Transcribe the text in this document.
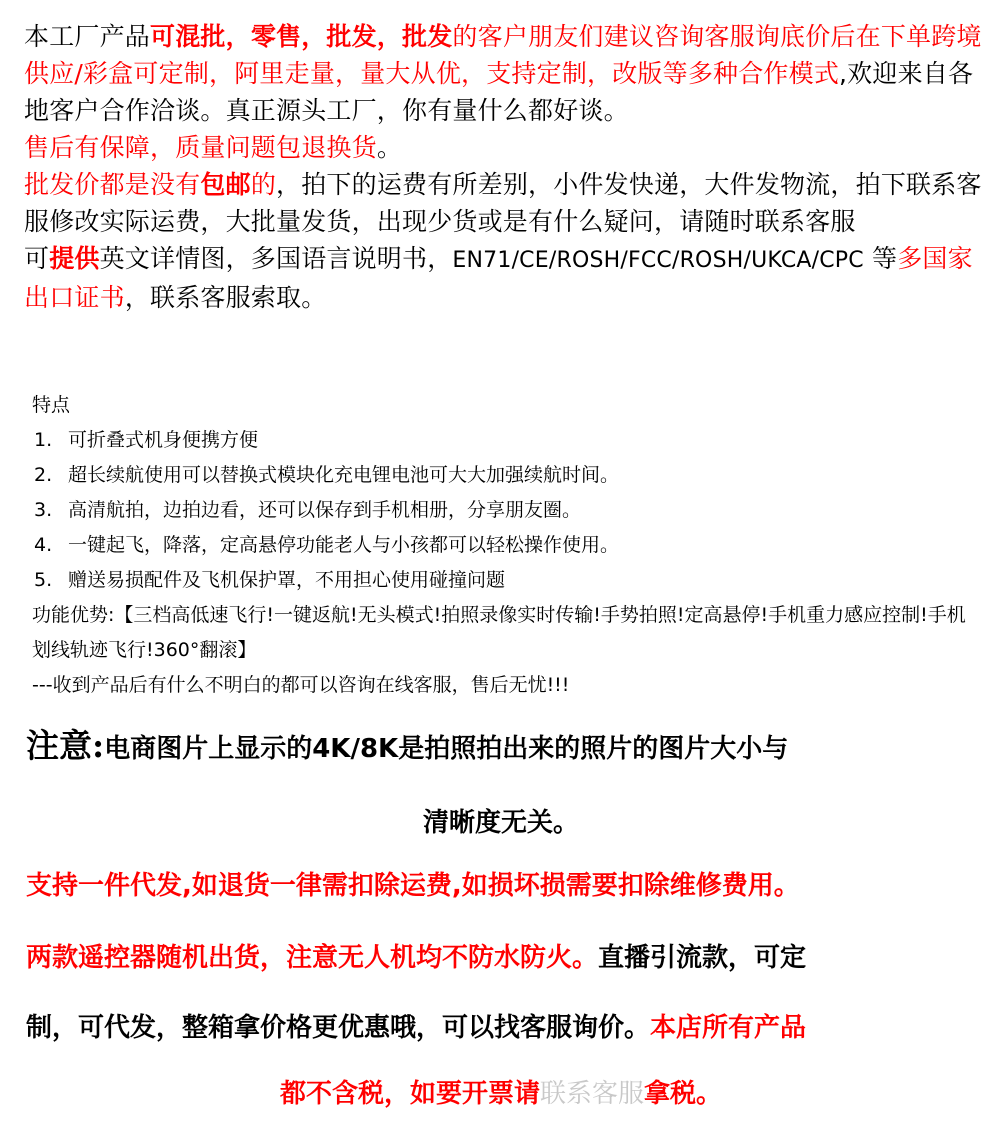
本工厂产品可混批，零售，批发，批发的客户朋友们建议咨询客服询底价后在下单跨境供应/彩盒可定制，阿里走量，量大从优，支持定制，改版等多种合作模式,欢迎来自各地客户合作洽谈。真正源头工厂，你有量什么都好谈。

售后有保障，质量问题包退换货。

批发价都是没有包邮的，拍下的运费有所差别，小件发快递，大件发物流，拍下联系客服修改实际运费，大批量发货，出现少货或是有什么疑问，请随时联系客服

可提供英文详情图，多国语言说明书，EN71/CE/ROSH/FCC/ROSH/UKCA/CPC 等多国家出口证书，联系客服索取。

特点

1. 可折叠式机身便携方便

2. 超长续航使用可以替换式模块化充电锂电池可大大加强续航时间。

3. 高清航拍，边拍边看，还可以保存到手机相册，分享朋友圈。

4. 一键起飞，降落，定高悬停功能老人与小孩都可以轻松操作使用。

5. 赠送易损配件及飞机保护罩，不用担心使用碰撞问题

功能优势:【三档高低速飞行!一键返航!无头模式!拍照录像实时传输!手势拍照!定高悬停!手机重力感应控制!手机划线轨迹飞行!360°翻滚】

---收到产品后有什么不明白的都可以咨询在线客服，售后无忧!!!

注意:电商图片上显示的4K/8K是拍照拍出来的照片的图片大小与

清晰度无关。

支持一件代发,如退货一律需扣除运费,如损坏损需要扣除维修费用。

两款遥控器随机出货，注意无人机均不防水防火。直播引流款，可定

制，可代发，整箱拿价格更优惠哦，可以找客服询价。本店所有产品

都不含税，如要开票请联系客服拿税。
